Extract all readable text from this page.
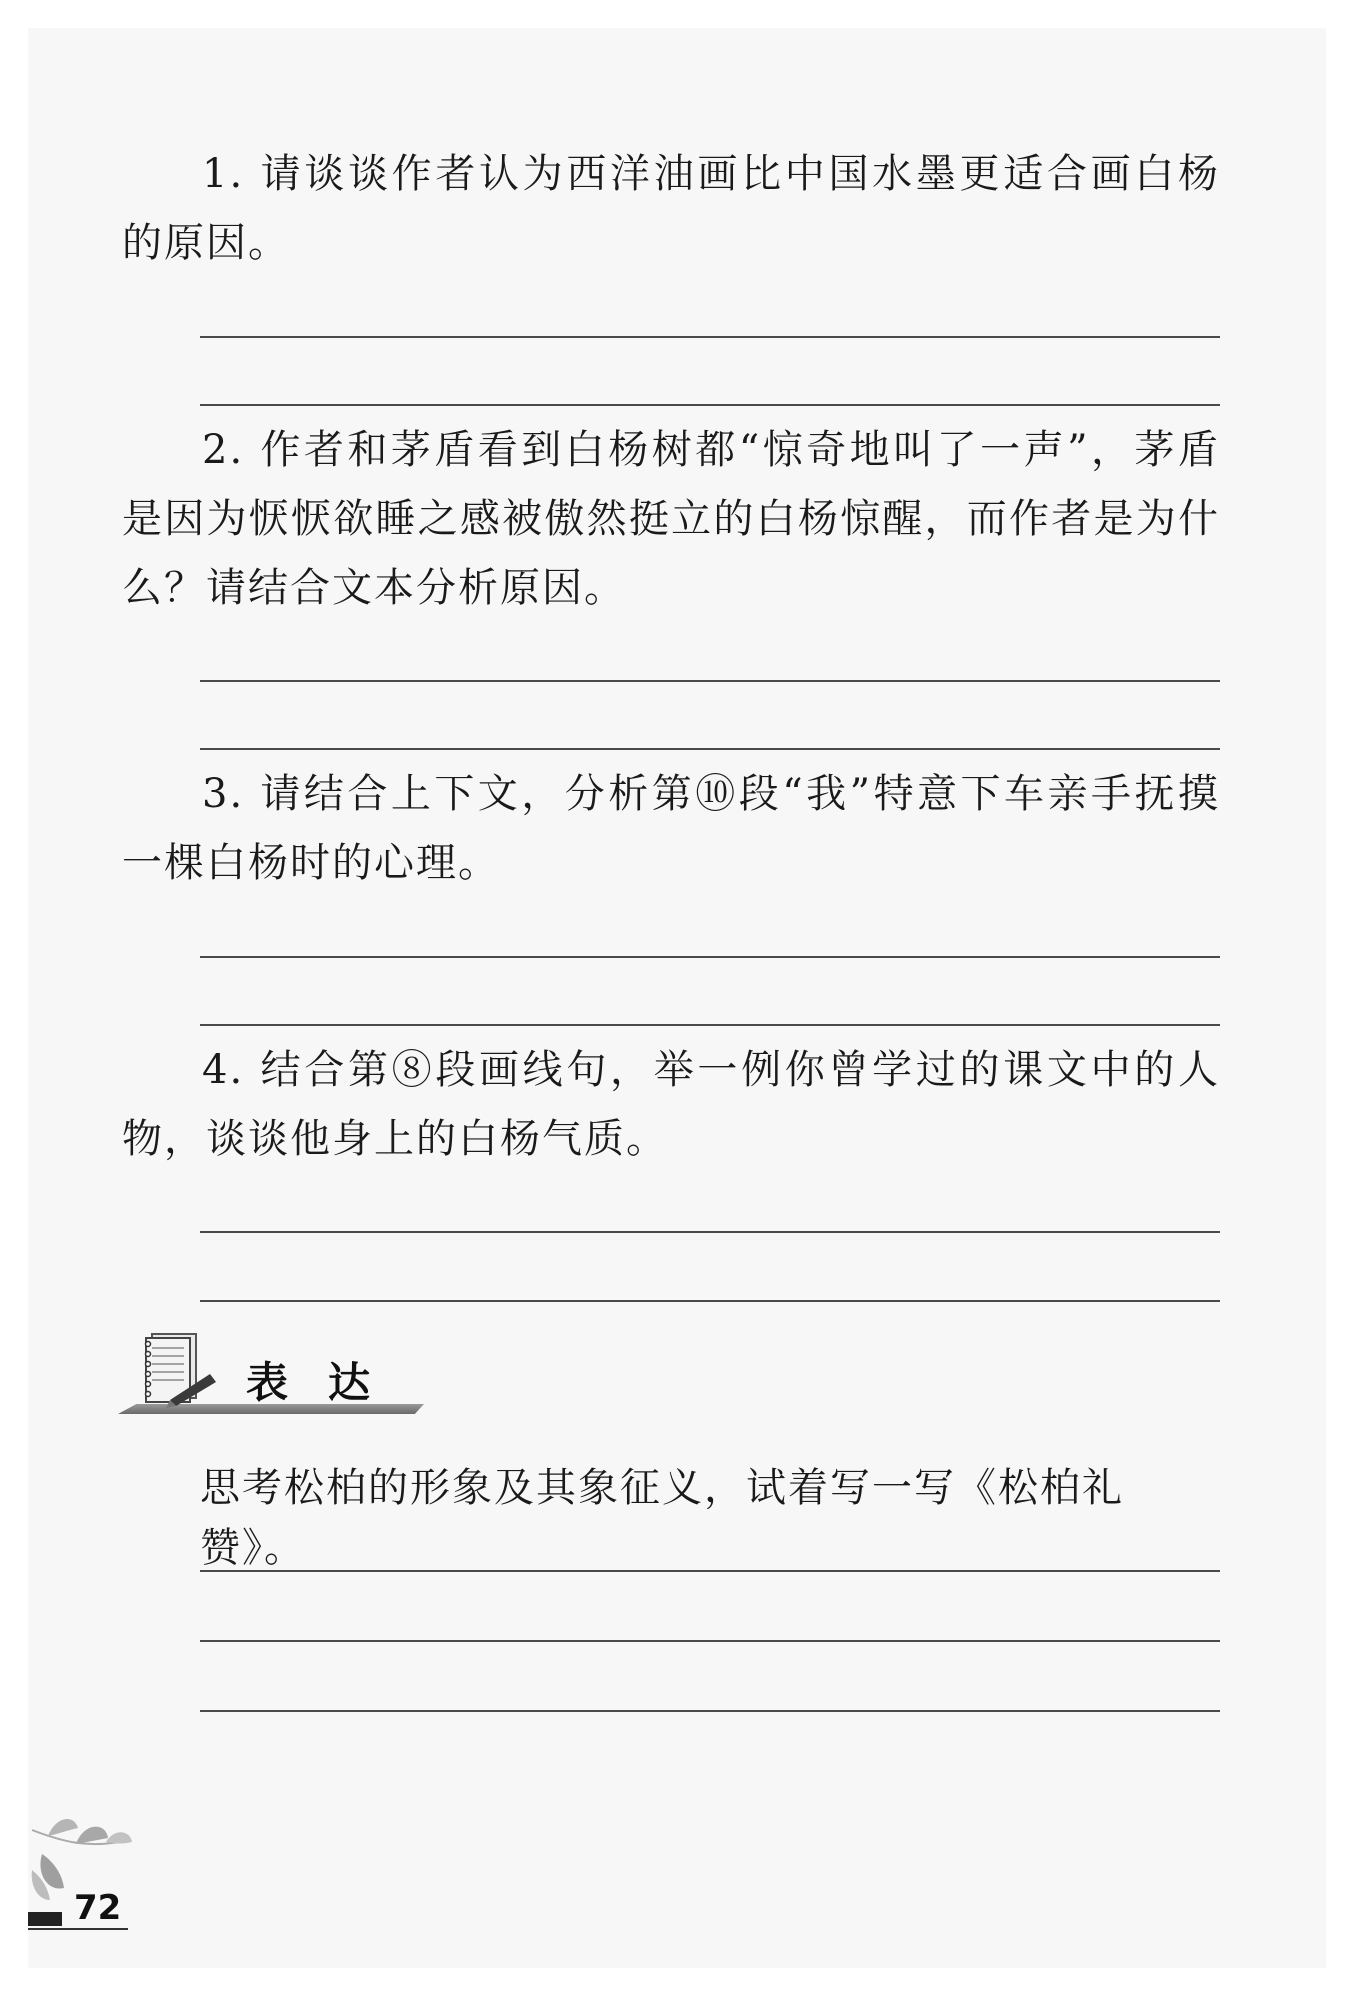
1. 请谈谈作者认为西洋油画比中国水墨更适合画白杨的原因。

2. 作者和茅盾看到白杨树都“惊奇地叫了一声”，茅盾是因为恹恹欲睡之感被傲然挺立的白杨惊醒，而作者是为什么？请结合文本分析原因。

3. 请结合上下文，分析第⑩段“我”特意下车亲手抚摸一棵白杨时的心理。

4. 结合第⑧段画线句，举一例你曾学过的课文中的人物，谈谈他身上的白杨气质。

表达

思考松柏的形象及其象征义，试着写一写《松柏礼赞》。

72
